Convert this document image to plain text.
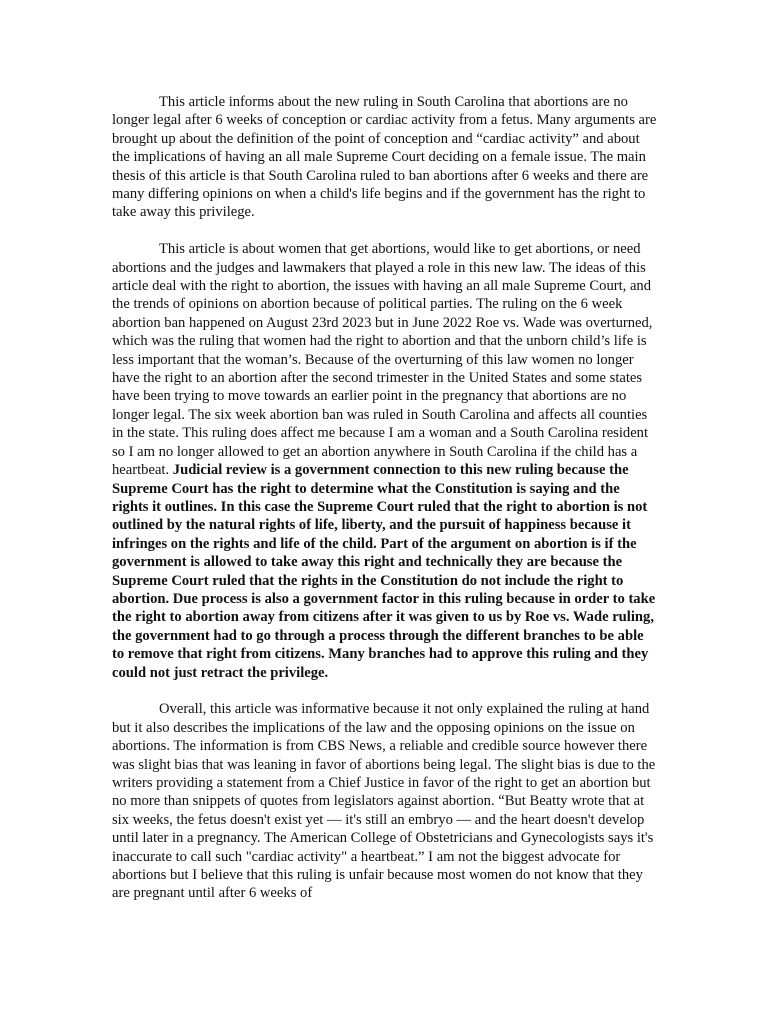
This article informs about the new ruling in South Carolina that abortions are no longer legal after 6 weeks of conception or cardiac activity from a fetus. Many arguments are brought up about the definition of the point of conception and “cardiac activity” and about the implications of having an all male Supreme Court deciding on a female issue. The main thesis of this article is that South Carolina ruled to ban abortions after 6 weeks and there are many differing opinions on when a child's life begins and if the government has the right to take away this privilege.

This article is about women that get abortions, would like to get abortions, or need abortions and the judges and lawmakers that played a role in this new law. The ideas of this article deal with the right to abortion, the issues with having an all male Supreme Court, and the trends of opinions on abortion because of political parties. The ruling on the 6 week abortion ban happened on August 23rd 2023 but in June 2022 Roe vs. Wade was overturned, which was the ruling that women had the right to abortion and that the unborn child’s life is less important that the woman’s. Because of the overturning of this law women no longer have the right to an abortion after the second trimester in the United States and some states have been trying to move towards an earlier point in the pregnancy that abortions are no longer legal. The six week abortion ban was ruled in South Carolina and affects all counties in the state. This ruling does affect me because I am a woman and a South Carolina resident so I am no longer allowed to get an abortion anywhere in South Carolina if the child has a heartbeat. Judicial review is a government connection to this new ruling because the Supreme Court has the right to determine what the Constitution is saying and the rights it outlines. In this case the Supreme Court ruled that the right to abortion is not outlined by the natural rights of life, liberty, and the pursuit of happiness because it infringes on the rights and life of the child. Part of the argument on abortion is if the government is allowed to take away this right and technically they are because the Supreme Court ruled that the rights in the Constitution do not include the right to abortion. Due process is also a government factor in this ruling because in order to take the right to abortion away from citizens after it was given to us by Roe vs. Wade ruling, the government had to go through a process through the different branches to be able to remove that right from citizens. Many branches had to approve this ruling and they could not just retract the privilege.

Overall, this article was informative because it not only explained the ruling at hand but it also describes the implications of the law and the opposing opinions on the issue on abortions. The information is from CBS News, a reliable and credible source however there was slight bias that was leaning in favor of abortions being legal. The slight bias is due to the writers providing a statement from a Chief Justice in favor of the right to get an abortion but no more than snippets of quotes from legislators against abortion. “But Beatty wrote that at six weeks, the fetus doesn't exist yet — it's still an embryo — and the heart doesn't develop until later in a pregnancy. The American College of Obstetricians and Gynecologists says it's inaccurate to call such "cardiac activity" a heartbeat.” I am not the biggest advocate for abortions but I believe that this ruling is unfair because most women do not know that they are pregnant until after 6 weeks of
